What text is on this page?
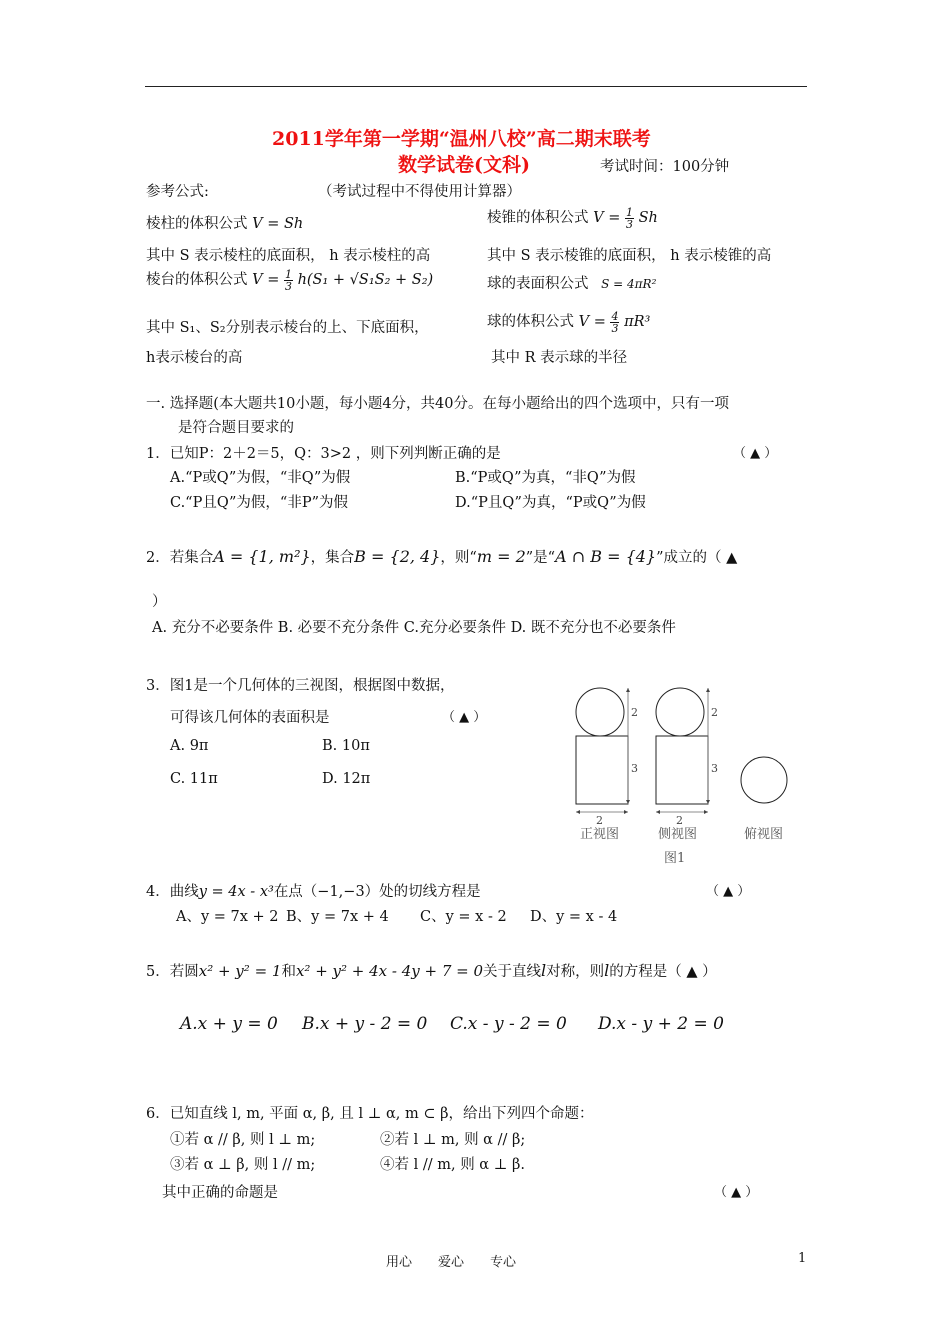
2011学年第一学期“温州八校”高二期末联考
数学试卷(文科)	考试时间：100分钟
参考公式:	（考试过程中不得使用计算器）
棱柱的体积公式 V = Sh	棱锥的体积公式 $V = \frac{1}{3}$ Sh
其中 S 表示棱柱的底面积， h 表示棱柱的高	其中 S 表示棱锥的底面积， h 表示棱锥的高
棱台的体积公式 $V = \frac{1}{3} h(S_1 + √S_1S_2 + S_2)$	球的表面积公式 S = 4πR²
其中 S₁、S₂分别表示棱台的上、下底面积，	球的体积公式 $V = \frac{4}{3} \pi R^3$
h表示棱台的高	其中 R 表示球的半径
一. 选择题(本大题共10小题，每小题4分，共40分。在每小题给出的四个选项中，只有一项
是符合题目要求的
1．已知P：2＋2＝5，Q：3>2 ，则下列判断正确的是	（ ▲ ）
A.“P或Q”为假，“非Q”为假	B.“P或Q”为真，“非Q”为假
C.“P且Q”为假，“非P”为假	D.“P且Q”为真，“P或Q”为假
2．若集合A = {1, m²}，集合B = {2, 4}，则“m = 2”是“A ∩ B = {4}”成立的（ ▲
）
A. 充分不必要条件 B. 必要不充分条件 C.充分必要条件 D. 既不充分也不必要条件
3．图1是一个几何体的三视图，根据图中数据，
可得该几何体的表面积是	（ ▲ ）
A. 9π	B. 10π
C. 11π	D. 12π
2
3
2
正视图
2
3
2
侧视图	俯视图
图1
4．曲线y = 4x - x³在点（−1,−3）处的切线方程是	（ ▲ ）
A、y = 7x + 2 B、y = 7x + 4 C、y = x - 2 D、y = x - 4
5．若圆x² + y² = 1和x² + y² + 4x - 4y + 7 = 0关于直线l对称，则l的方程是（ ▲ ）
A.x + y = 0 B.x + y - 2 = 0 C.x - y - 2 = 0 D.x - y + 2 = 0
6．已知直线 l, m, 平面 α, β, 且 l ⊥ α, m ⊂ β，给出下列四个命题：
①若 α // β, 则 l ⊥ m;	②若 l ⊥ m, 则 α // β;
③若 α ⊥ β, 则 l // m;	④若 l // m, 则 α ⊥ β.
其中正确的命题是	（ ▲ ）
用心　　爱心　　专心	1
